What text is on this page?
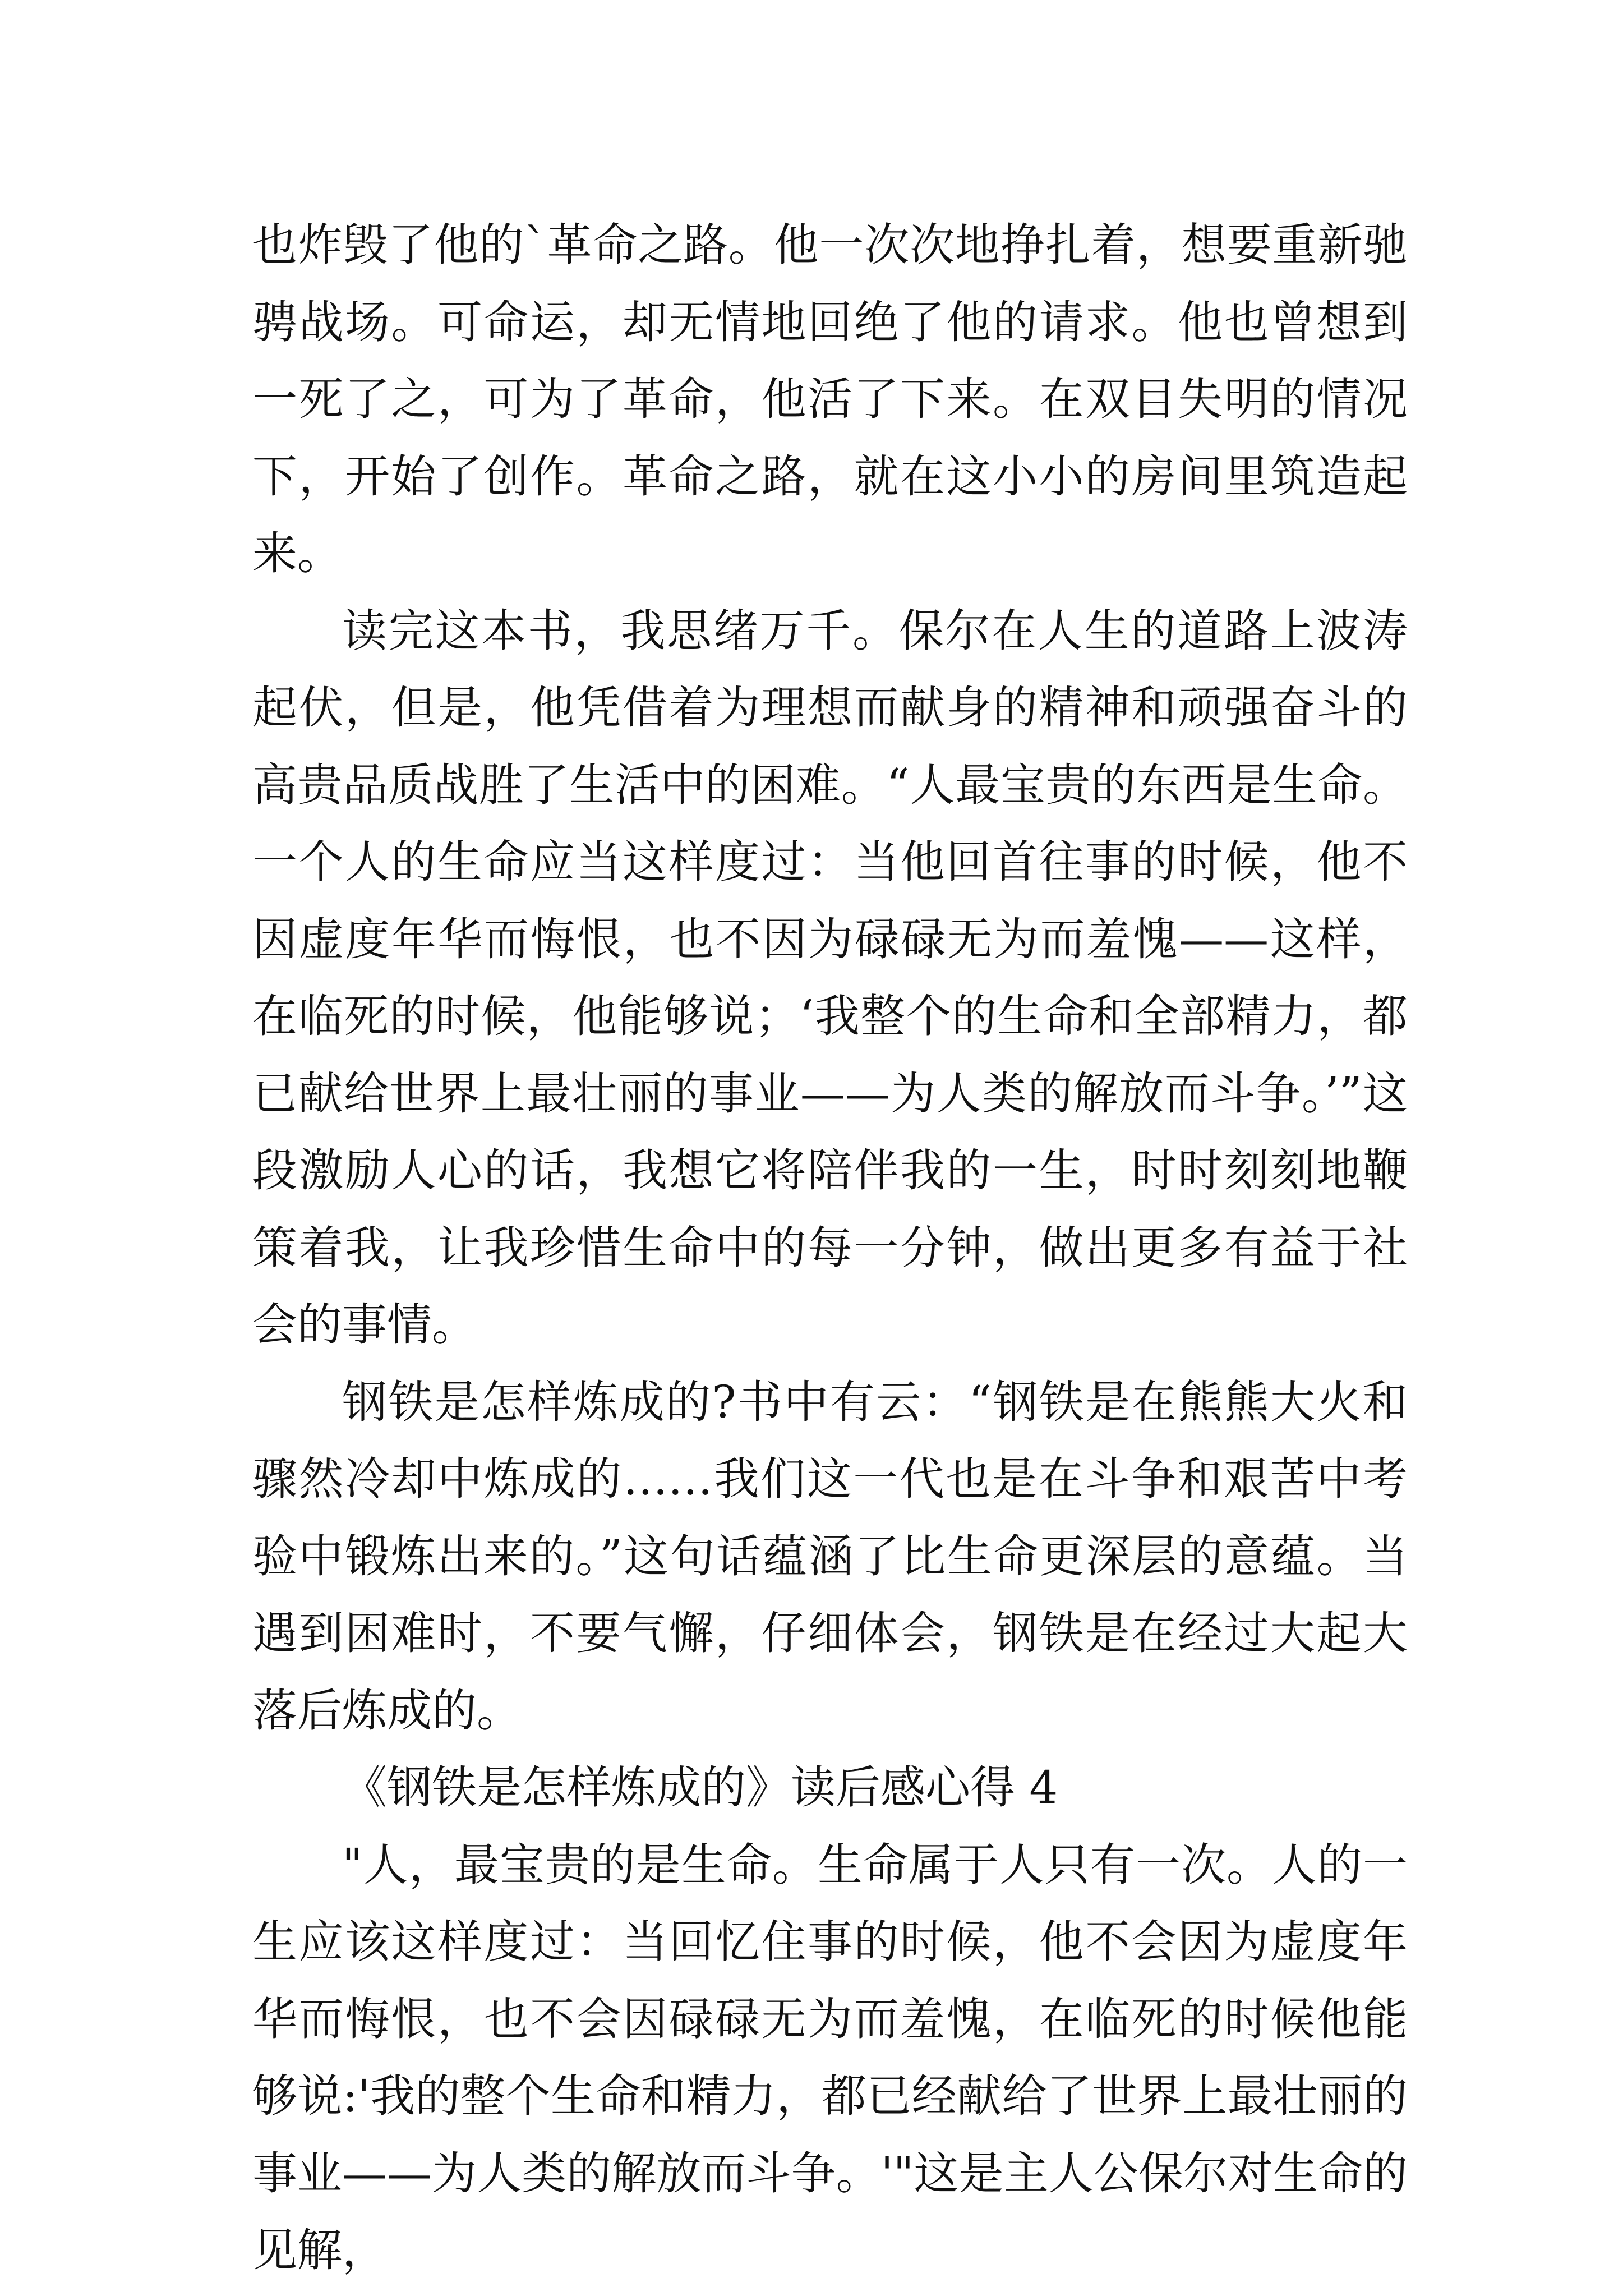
也炸毁了他的`革命之路。他一次次地挣扎着，想要重新驰骋战场。可命运，却无情地回绝了他的请求。他也曾想到一死了之，可为了革命，他活了下来。在双目失明的情况下，开始了创作。革命之路，就在这小小的房间里筑造起来。

读完这本书，我思绪万千。保尔在人生的道路上波涛起伏，但是，他凭借着为理想而献身的精神和顽强奋斗的高贵品质战胜了生活中的困难。“人最宝贵的东西是生命。一个人的生命应当这样度过：当他回首往事的时候，他不因虚度年华而悔恨，也不因为碌碌无为而羞愧——这样，在临死的时候，他能够说；‘我整个的生命和全部精力，都已献给世界上最壮丽的事业——为人类的解放而斗争。’”这段激励人心的话，我想它将陪伴我的一生，时时刻刻地鞭策着我，让我珍惜生命中的每一分钟，做出更多有益于社会的事情。

钢铁是怎样炼成的?书中有云：“钢铁是在熊熊大火和骤然冷却中炼成的……我们这一代也是在斗争和艰苦中考验中锻炼出来的。”这句话蕴涵了比生命更深层的意蕴。当遇到困难时，不要气懈，仔细体会，钢铁是在经过大起大落后炼成的。

《钢铁是怎样炼成的》读后感心得 4

"人，最宝贵的是生命。生命属于人只有一次。人的一生应该这样度过：当回忆住事的时候，他不会因为虚度年华而悔恨，也不会因碌碌无为而羞愧，在临死的时候他能够说:'我的整个生命和精力，都已经献给了世界上最壮丽的事业——为人类的解放而斗争。'"这是主人公保尔对生命的见解，
